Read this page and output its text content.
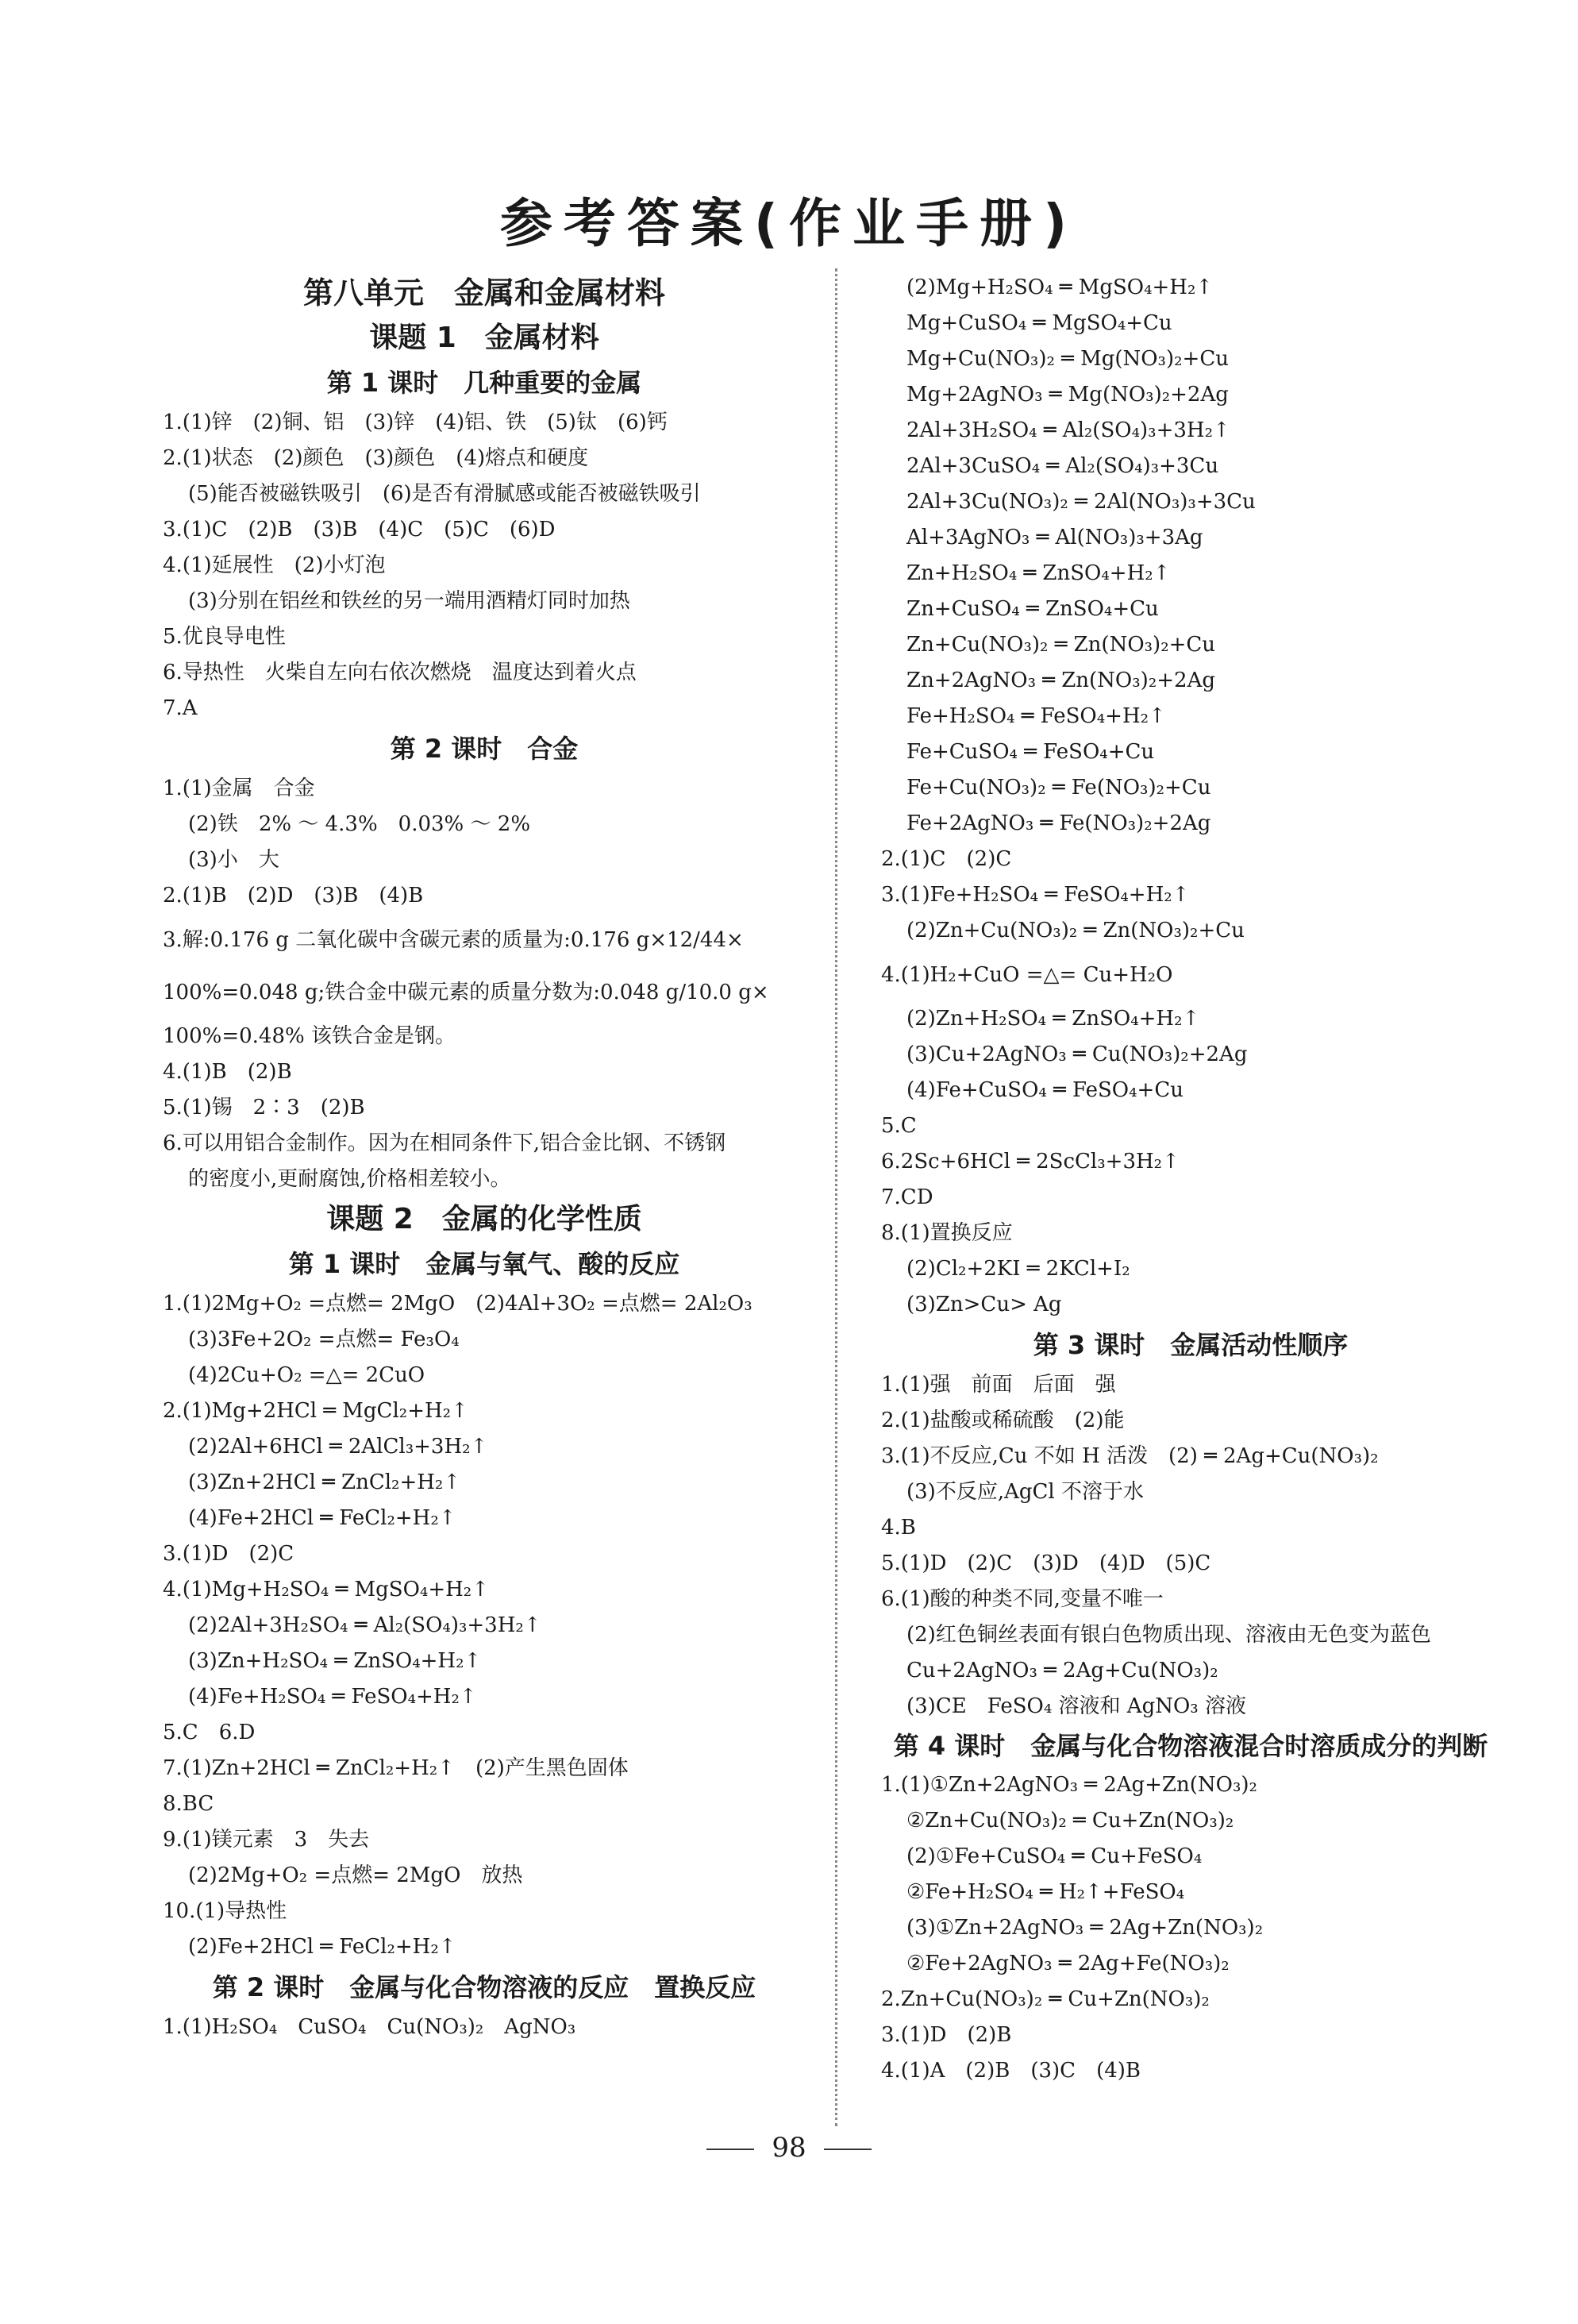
参考答案(作业手册)
第八单元　金属和金属材料
课题 1　金属材料
第 1 课时　几种重要的金属
1.(1)锌　(2)铜、铝　(3)锌　(4)铝、铁　(5)钛　(6)钙
2.(1)状态　(2)颜色　(3)颜色　(4)熔点和硬度
(5)能否被磁铁吸引　(6)是否有滑腻感或能否被磁铁吸引
3.(1)C　(2)B　(3)B　(4)C　(5)C　(6)D
4.(1)延展性　(2)小灯泡
(3)分别在铝丝和铁丝的另一端用酒精灯同时加热
5.优良导电性
6.导热性　火柴自左向右依次燃烧　温度达到着火点
7.A
第 2 课时　合金
1.(1)金属　合金
(2)铁　2% ～ 4.3%　0.03% ～ 2%
(3)小　大
2.(1)B　(2)D　(3)B　(4)B
3.解:0.176 g 二氧化碳中含碳元素的质量为:0.176 g×12/44×
100%=0.048 g;铁合金中碳元素的质量分数为:0.048 g/10.0 g×
100%=0.48% 该铁合金是钢。
4.(1)B　(2)B
5.(1)锡　2∶3　(2)B
6.可以用铝合金制作。因为在相同条件下,铝合金比钢、不锈钢
的密度小,更耐腐蚀,价格相差较小。
课题 2　金属的化学性质
第 1 课时　金属与氧气、酸的反应
1.(1)2Mg+O₂ =点燃= 2MgO　(2)4Al+3O₂ =点燃= 2Al₂O₃
(3)3Fe+2O₂ =点燃= Fe₃O₄
(4)2Cu+O₂ =△= 2CuO
2.(1)Mg+2HCl ═ MgCl₂+H₂↑
(2)2Al+6HCl ═ 2AlCl₃+3H₂↑
(3)Zn+2HCl ═ ZnCl₂+H₂↑
(4)Fe+2HCl ═ FeCl₂+H₂↑
3.(1)D　(2)C
4.(1)Mg+H₂SO₄ ═ MgSO₄+H₂↑
(2)2Al+3H₂SO₄ ═ Al₂(SO₄)₃+3H₂↑
(3)Zn+H₂SO₄ ═ ZnSO₄+H₂↑
(4)Fe+H₂SO₄ ═ FeSO₄+H₂↑
5.C　6.D
7.(1)Zn+2HCl ═ ZnCl₂+H₂↑　(2)产生黑色固体
8.BC
9.(1)镁元素　3　失去
(2)2Mg+O₂ =点燃= 2MgO　放热
10.(1)导热性
(2)Fe+2HCl ═ FeCl₂+H₂↑
第 2 课时　金属与化合物溶液的反应　置换反应
1.(1)H₂SO₄　CuSO₄　Cu(NO₃)₂　AgNO₃
(2)Mg+H₂SO₄ ═ MgSO₄+H₂↑
Mg+CuSO₄ ═ MgSO₄+Cu
Mg+Cu(NO₃)₂ ═ Mg(NO₃)₂+Cu
Mg+2AgNO₃ ═ Mg(NO₃)₂+2Ag
2Al+3H₂SO₄ ═ Al₂(SO₄)₃+3H₂↑
2Al+3CuSO₄ ═ Al₂(SO₄)₃+3Cu
2Al+3Cu(NO₃)₂ ═ 2Al(NO₃)₃+3Cu
Al+3AgNO₃ ═ Al(NO₃)₃+3Ag
Zn+H₂SO₄ ═ ZnSO₄+H₂↑
Zn+CuSO₄ ═ ZnSO₄+Cu
Zn+Cu(NO₃)₂ ═ Zn(NO₃)₂+Cu
Zn+2AgNO₃ ═ Zn(NO₃)₂+2Ag
Fe+H₂SO₄ ═ FeSO₄+H₂↑
Fe+CuSO₄ ═ FeSO₄+Cu
Fe+Cu(NO₃)₂ ═ Fe(NO₃)₂+Cu
Fe+2AgNO₃ ═ Fe(NO₃)₂+2Ag
2.(1)C　(2)C
3.(1)Fe+H₂SO₄ ═ FeSO₄+H₂↑
(2)Zn+Cu(NO₃)₂ ═ Zn(NO₃)₂+Cu
4.(1)H₂+CuO =△= Cu+H₂O
(2)Zn+H₂SO₄ ═ ZnSO₄+H₂↑
(3)Cu+2AgNO₃ ═ Cu(NO₃)₂+2Ag
(4)Fe+CuSO₄ ═ FeSO₄+Cu
5.C
6.2Sc+6HCl ═ 2ScCl₃+3H₂↑
7.CD
8.(1)置换反应
(2)Cl₂+2KI ═ 2KCl+I₂
(3)Zn>Cu> Ag
第 3 课时　金属活动性顺序
1.(1)强　前面　后面　强
2.(1)盐酸或稀硫酸　(2)能
3.(1)不反应,Cu 不如 H 活泼　(2) ═ 2Ag+Cu(NO₃)₂
(3)不反应,AgCl 不溶于水
4.B
5.(1)D　(2)C　(3)D　(4)D　(5)C
6.(1)酸的种类不同,变量不唯一
(2)红色铜丝表面有银白色物质出现、溶液由无色变为蓝色
Cu+2AgNO₃ ═ 2Ag+Cu(NO₃)₂
(3)CE　FeSO₄ 溶液和 AgNO₃ 溶液
第 4 课时　金属与化合物溶液混合时溶质成分的判断
1.(1)①Zn+2AgNO₃ ═ 2Ag+Zn(NO₃)₂
②Zn+Cu(NO₃)₂ ═ Cu+Zn(NO₃)₂
(2)①Fe+CuSO₄ ═ Cu+FeSO₄
②Fe+H₂SO₄ ═ H₂↑+FeSO₄
(3)①Zn+2AgNO₃ ═ 2Ag+Zn(NO₃)₂
②Fe+2AgNO₃ ═ 2Ag+Fe(NO₃)₂
2.Zn+Cu(NO₃)₂ ═ Cu+Zn(NO₃)₂
3.(1)D　(2)B
4.(1)A　(2)B　(3)C　(4)B
98
